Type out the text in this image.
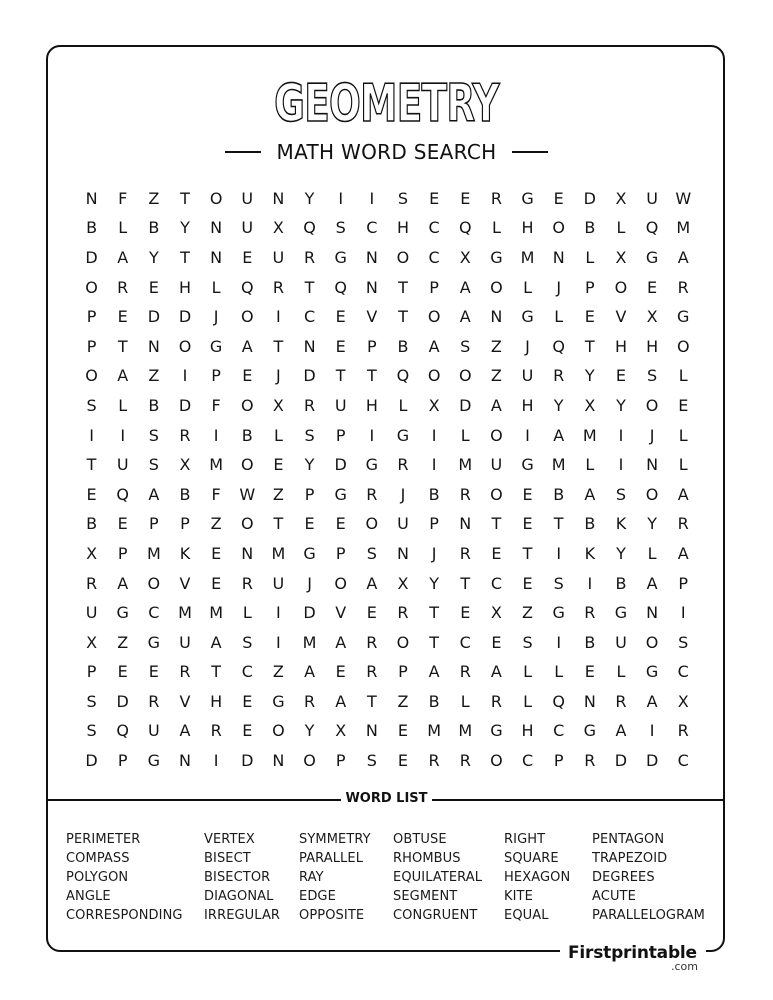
GEOMETRY
MATH WORD SEARCH
N	F	Z	T	O	U	N	Y	I	I	S	E	E	R	G	E	D	X	U	W
B	L	B	Y	N	U	X	Q	S	C	H	C	Q	L	H	O	B	L	Q	M
D	A	Y	T	N	E	U	R	G	N	O	C	X	G	M	N	L	X	G	A
O	R	E	H	L	Q	R	T	Q	N	T	P	A	O	L	J	P	O	E	R
P	E	D	D	J	O	I	C	E	V	T	O	A	N	G	L	E	V	X	G
P	T	N	O	G	A	T	N	E	P	B	A	S	Z	J	Q	T	H	H	O
O	A	Z	I	P	E	J	D	T	T	Q	O	O	Z	U	R	Y	E	S	L
S	L	B	D	F	O	X	R	U	H	L	X	D	A	H	Y	X	Y	O	E
I	I	S	R	I	B	L	S	P	I	G	I	L	O	I	A	M	I	J	L
T	U	S	X	M	O	E	Y	D	G	R	I	M	U	G	M	L	I	N	L
E	Q	A	B	F	W	Z	P	G	R	J	B	R	O	E	B	A	S	O	A
B	E	P	P	Z	O	T	E	E	O	U	P	N	T	E	T	B	K	Y	R
X	P	M	K	E	N	M	G	P	S	N	J	R	E	T	I	K	Y	L	A
R	A	O	V	E	R	U	J	O	A	X	Y	T	C	E	S	I	B	A	P
U	G	C	M	M	L	I	D	V	E	R	T	E	X	Z	G	R	G	N	I
X	Z	G	U	A	S	I	M	A	R	O	T	C	E	S	I	B	U	O	S
P	E	E	R	T	C	Z	A	E	R	P	A	R	A	L	L	E	L	G	C
S	D	R	V	H	E	G	R	A	T	Z	B	L	R	L	Q	N	R	A	X
S	Q	U	A	R	E	O	Y	X	N	E	M	M	G	H	C	G	A	I	R
D	P	G	N	I	D	N	O	P	S	E	R	R	O	C	P	R	D	D	C
WORD LIST
PERIMETER
COMPASS
POLYGON
ANGLE
CORRESPONDING
VERTEX
BISECT
BISECTOR
DIAGONAL
IRREGULAR
SYMMETRY
PARALLEL
RAY
EDGE
OPPOSITE
OBTUSE
RHOMBUS
EQUILATERAL
SEGMENT
CONGRUENT
RIGHT
SQUARE
HEXAGON
KITE
EQUAL
PENTAGON
TRAPEZOID
DEGREES
ACUTE
PARALLELOGRAM
Firstprintable
.com
